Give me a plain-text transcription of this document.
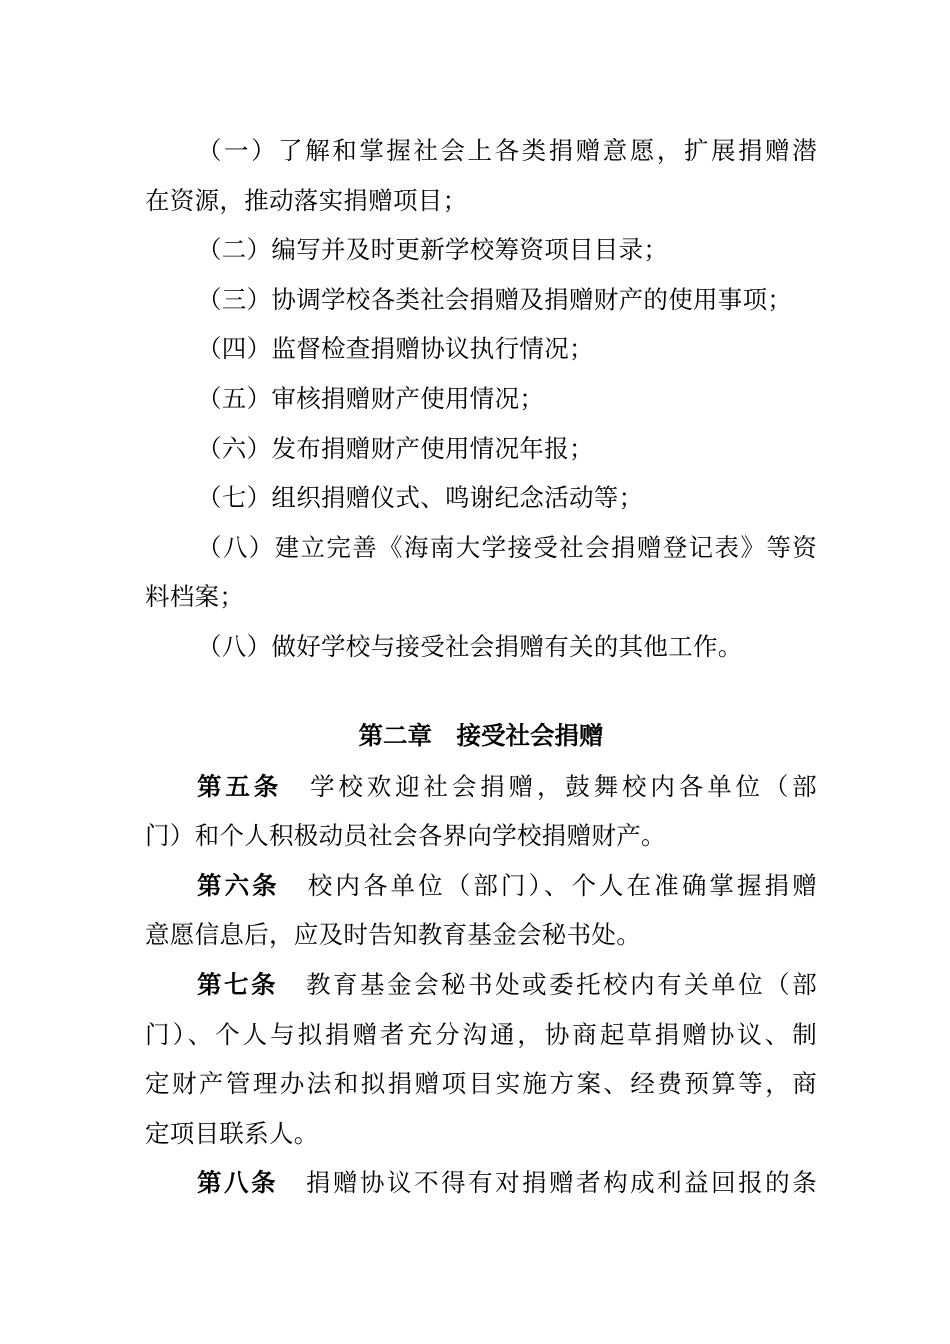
（一）了解和掌握社会上各类捐赠意愿，扩展捐赠潜
在资源，推动落实捐赠项目；
（二）编写并及时更新学校筹资项目目录；
（三）协调学校各类社会捐赠及捐赠财产的使用事项；
（四）监督检查捐赠协议执行情况；
（五）审核捐赠财产使用情况；
（六）发布捐赠财产使用情况年报；
（七）组织捐赠仪式、鸣谢纪念活动等；
（八）建立完善《海南大学接受社会捐赠登记表》等资
料档案；
（八）做好学校与接受社会捐赠有关的其他工作。
第二章　接受社会捐赠
第五条 学校欢迎社会捐赠，鼓舞校内各单位（部
门）和个人积极动员社会各界向学校捐赠财产。
第六条 校内各单位（部门）、个人在准确掌握捐赠
意愿信息后，应及时告知教育基金会秘书处。
第七条 教育基金会秘书处或委托校内有关单位（部
门）、个人与拟捐赠者充分沟通，协商起草捐赠协议、制
定财产管理办法和拟捐赠项目实施方案、经费预算等，商
定项目联系人。
第八条 捐赠协议不得有对捐赠者构成利益回报的条
